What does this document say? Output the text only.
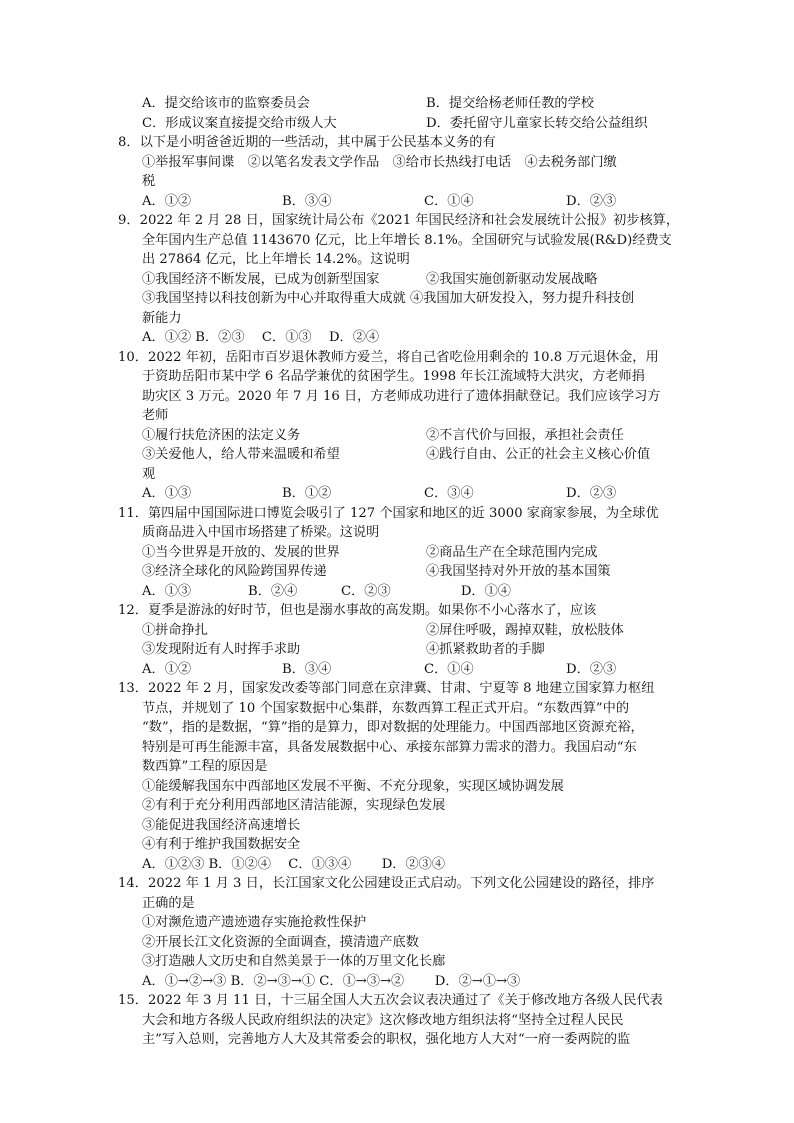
A．提交给该市的监察委员会	B．提交给杨老师任教的学校
C．形成议案直接提交给市级人大	D．委托留守儿童家长转交给公益组织
8．以下是小明爸爸近期的一些活动，其中属于公民基本义务的有
①举报军事间谍　②以笔名发表文学作品　③给市长热线打电话　④去税务部门缴
税
A．①②	B．③④	C．①④	D．②③
9．2022 年 2 月 28 日，国家统计局公布《2021 年国民经济和社会发展统计公报》初步核算，
全年国内生产总值 1143670 亿元，比上年增长 8.1%。全国研究与试验发展(R&D)经费支
出 27864 亿元，比上年增长 14.2%。这说明
①我国经济不断发展，已成为创新型国家	②我国实施创新驱动发展战略
③我国坚持以科技创新为中心并取得重大成就 ④我国加大研发投入，努力提升科技创
新能力
A．①② B．②③　 C．①③　 D．②④
10．2022 年初，岳阳市百岁退休教师方爱兰，将自己省吃俭用剩余的 10.8 万元退休金，用
于资助岳阳市某中学 6 名品学兼优的贫困学生。1998 年长江流域特大洪灾，方老师捐
助灾区 3 万元。2020 年 7 月 16 日，方老师成功进行了遗体捐献登记。我们应该学习方
老师
①履行扶危济困的法定义务	②不言代价与回报，承担社会责任
③关爱他人，给人带来温暖和希望	④践行自由、公正的社会主义核心价值
观
A．①③	B．①②	C．③④	D．②③
11．第四届中国国际进口博览会吸引了 127 个国家和地区的近 3000 家商家参展，为全球优
质商品进入中国市场搭建了桥梁。这说明
①当今世界是开放的、发展的世界	②商品生产在全球范围内完成
③经济全球化的风险跨国界传递	④我国坚持对外开放的基本国策
A．①③　　　　 B．②④　　　 C．②③　　　　　 D．①④
12．夏季是游泳的好时节，但也是溺水事故的高发期。如果你不小心落水了，应该
①拼命挣扎	②屏住呼吸，踢掉双鞋，放松肢体
③发现附近有人时挥手求助	④抓紧救助者的手脚
A．①②	B．③④	C．①④	D．②③
13．2022 年 2 月，国家发改委等部门同意在京津冀、甘肃、宁夏等 8 地建立国家算力枢纽
节点，并规划了 10 个国家数据中心集群，东数西算工程正式开启。“东数西算”中的
“数”，指的是数据，“算”指的是算力，即对数据的处理能力。中国西部地区资源充裕，
特别是可再生能源丰富，具备发展数据中心、承接东部算力需求的潜力。我国启动“东
数西算”工程的原因是
①能缓解我国东中西部地区发展不平衡、不充分现象，实现区域协调发展
②有利于充分利用西部地区清洁能源，实现绿色发展
③能促进我国经济高速增长
④有利于维护我国数据安全
A．①②③ B．①②④　 C．①③④　　 D．②③④
14．2022 年 1 月 3 日，长江国家文化公园建设正式启动。下列文化公园建设的路径，排序
正确的是
①对濒危遗产遗迹遗存实施抢救性保护
②开展长江文化资源的全面调查，摸清遗产底数
③打造融人文历史和自然美景于一体的万里文化长廊
A．①→②→③ B．②→③→① C．①→③→②　　 D．②→①→③
15．2022 年 3 月 11 日，十三届全国人大五次会议表决通过了《关于修改地方各级人民代表
大会和地方各级人民政府组织法的决定》这次修改地方组织法将“坚持全过程人民民
主”写入总则，完善地方人大及其常委会的职权，强化地方人大对“一府一委两院的监
